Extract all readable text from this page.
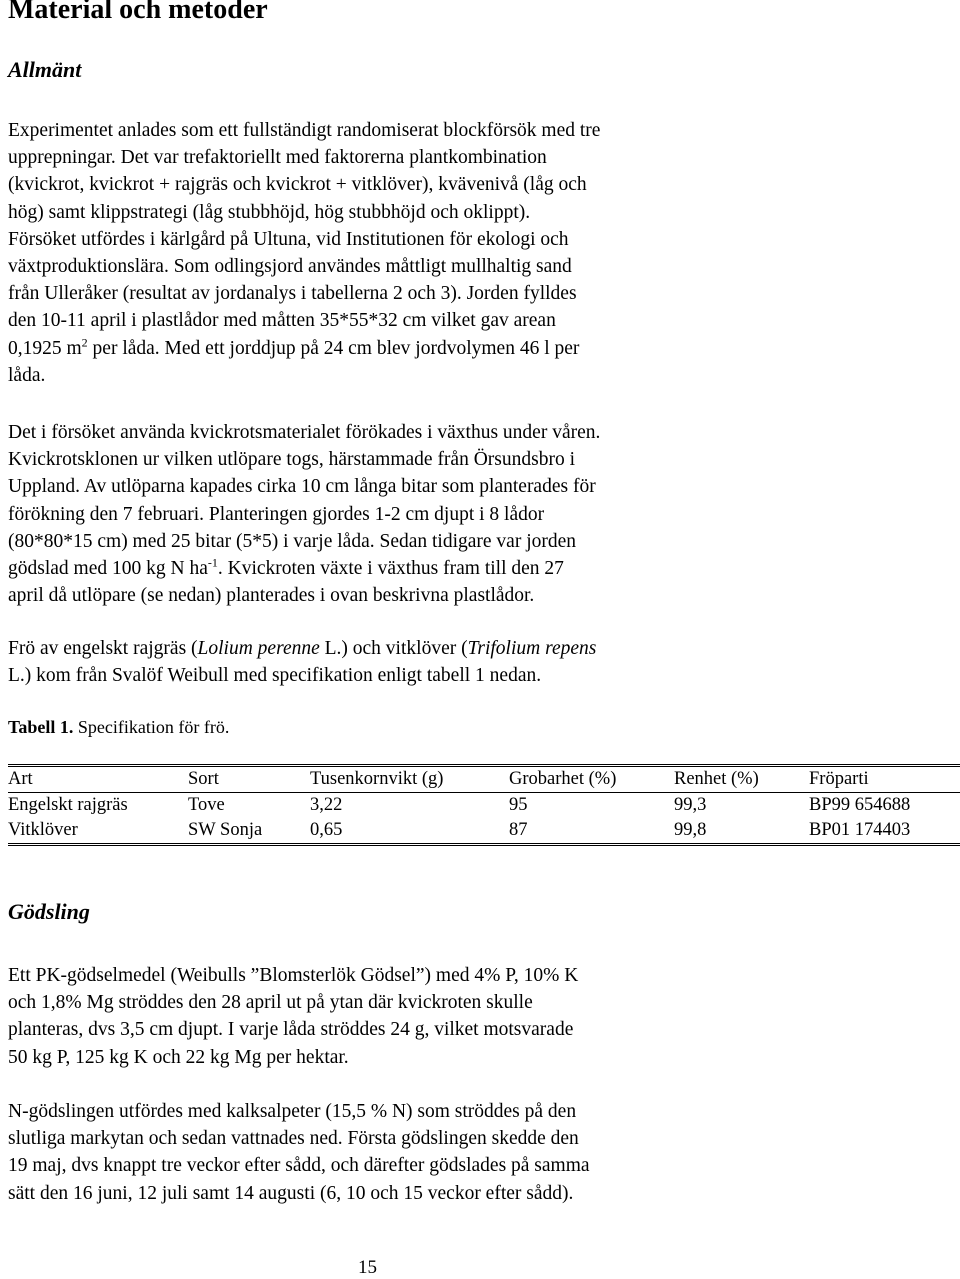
Material och metoder
Allmänt
Experimentet anlades som ett fullständigt randomiserat blockförsök med tre
upprepningar. Det var trefaktoriellt med faktorerna plantkombination
(kvickrot, kvickrot + rajgräs och kvickrot + vitklöver), kvävenivå (låg och
hög) samt klippstrategi (låg stubbhöjd, hög stubbhöjd och oklippt).
Försöket utfördes i kärlgård på Ultuna, vid Institutionen för ekologi och
växtproduktionslära. Som odlingsjord användes måttligt mullhaltig sand
från Ulleråker (resultat av jordanalys i tabellerna 2 och 3). Jorden fylldes
den 10-11 april i plastlådor med måtten 35*55*32 cm vilket gav arean
0,1925 $m^2$ per låda. Med ett jorddjup på 24 cm blev jordvolymen 46 l per
låda.
Det i försöket använda kvickrotsmaterialet förökades i växthus under våren.
Kvickrotsklonen ur vilken utlöpare togs, härstammade från Örsundsbro i
Uppland. Av utlöparna kapades cirka 10 cm långa bitar som planterades för
förökning den 7 februari. Planteringen gjordes 1-2 cm djupt i 8 lådor
(80*80*15 cm) med 25 bitar (5*5) i varje låda. Sedan tidigare var jorden
gödslad med 100 kg N $ha^{-1}$. Kvickroten växte i växthus fram till den 27
april då utlöpare (se nedan) planterades i ovan beskrivna plastlådor.
Frö av engelskt rajgräs (Lolium perenne L.) och vitklöver (Trifolium repens
L.) kom från Svalöf Weibull med specifikation enligt tabell 1 nedan.
Tabell 1. Specifikation för frö.
Art	Sort	Tusenkornvikt (g)	Grobarhet (%)	Renhet (%)	Fröparti
Engelskt rajgräs	Tove	3,22	95	99,3	BP99 654688
Vitklöver	SW Sonja	0,65	87	99,8	BP01 174403
Gödsling
Ett PK-gödselmedel (Weibulls ”Blomsterlök Gödsel”) med 4% P, 10% K
och 1,8% Mg ströddes den 28 april ut på ytan där kvickroten skulle
planteras, dvs 3,5 cm djupt. I varje låda ströddes 24 g, vilket motsvarade
50 kg P, 125 kg K och 22 kg Mg per hektar.
N-gödslingen utfördes med kalksalpeter (15,5 % N) som ströddes på den
slutliga markytan och sedan vattnades ned. Första gödslingen skedde den
19 maj, dvs knappt tre veckor efter sådd, och därefter gödslades på samma
sätt den 16 juni, 12 juli samt 14 augusti (6, 10 och 15 veckor efter sådd).
15
